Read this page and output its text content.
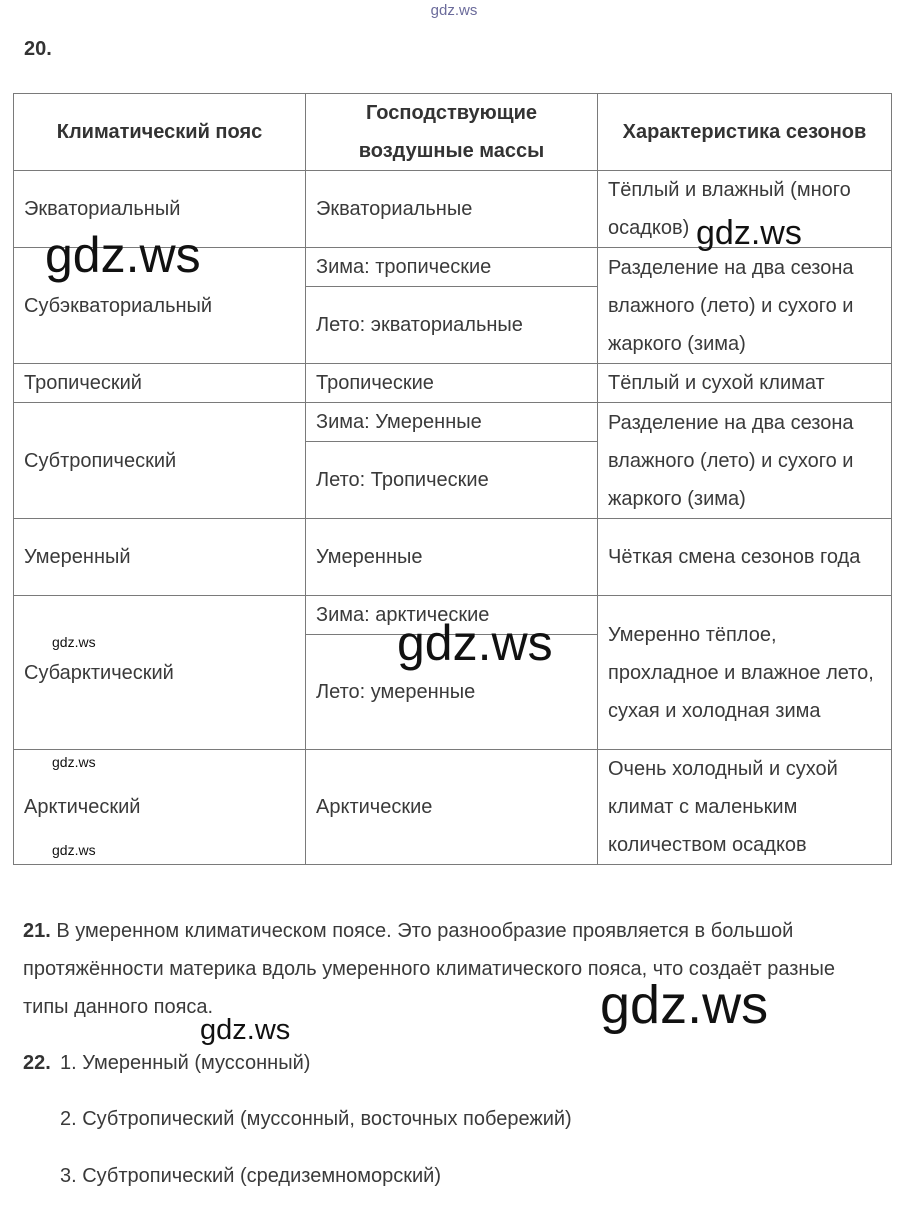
gdz.ws
20.
Климатический пояс	Господствующие воздушные массы	Характеристика сезонов
Экваториальный	Экваториальные	Тёплый и влажный (много осадков)
Субэкваториальный	Зима: тропические
Лето: экваториальные	Разделение на два сезона влажного (лето) и сухого и жаркого (зима)
Тропический	Тропические	Тёплый и сухой климат
Субтропический	Зима: Умеренные
Лето: Тропические	Разделение на два сезона влажного (лето) и сухого и жаркого (зима)
Умеренный	Умеренные	Чёткая смена сезонов года
Субарктический	Зима: арктические
Лето: умеренные	Умеренно тёплое, прохладное и влажное лето, сухая и холодная зима
Арктический	Арктические	Очень холодный и сухой климат с маленьким количеством осадков
gdz.ws	gdz.ws
gdz.ws
gdz.ws
gdz.ws
gdz.ws
gdz.ws
gdz.ws
21. В умеренном климатическом поясе. Это разнообразие проявляется в большой протяжённости материка вдоль умеренного климатического пояса, что создаёт разные типы данного пояса.
22. 1. Умеренный (муссонный)
2. Субтропический (муссонный, восточных побережий)
3. Субтропический (средиземноморский)
